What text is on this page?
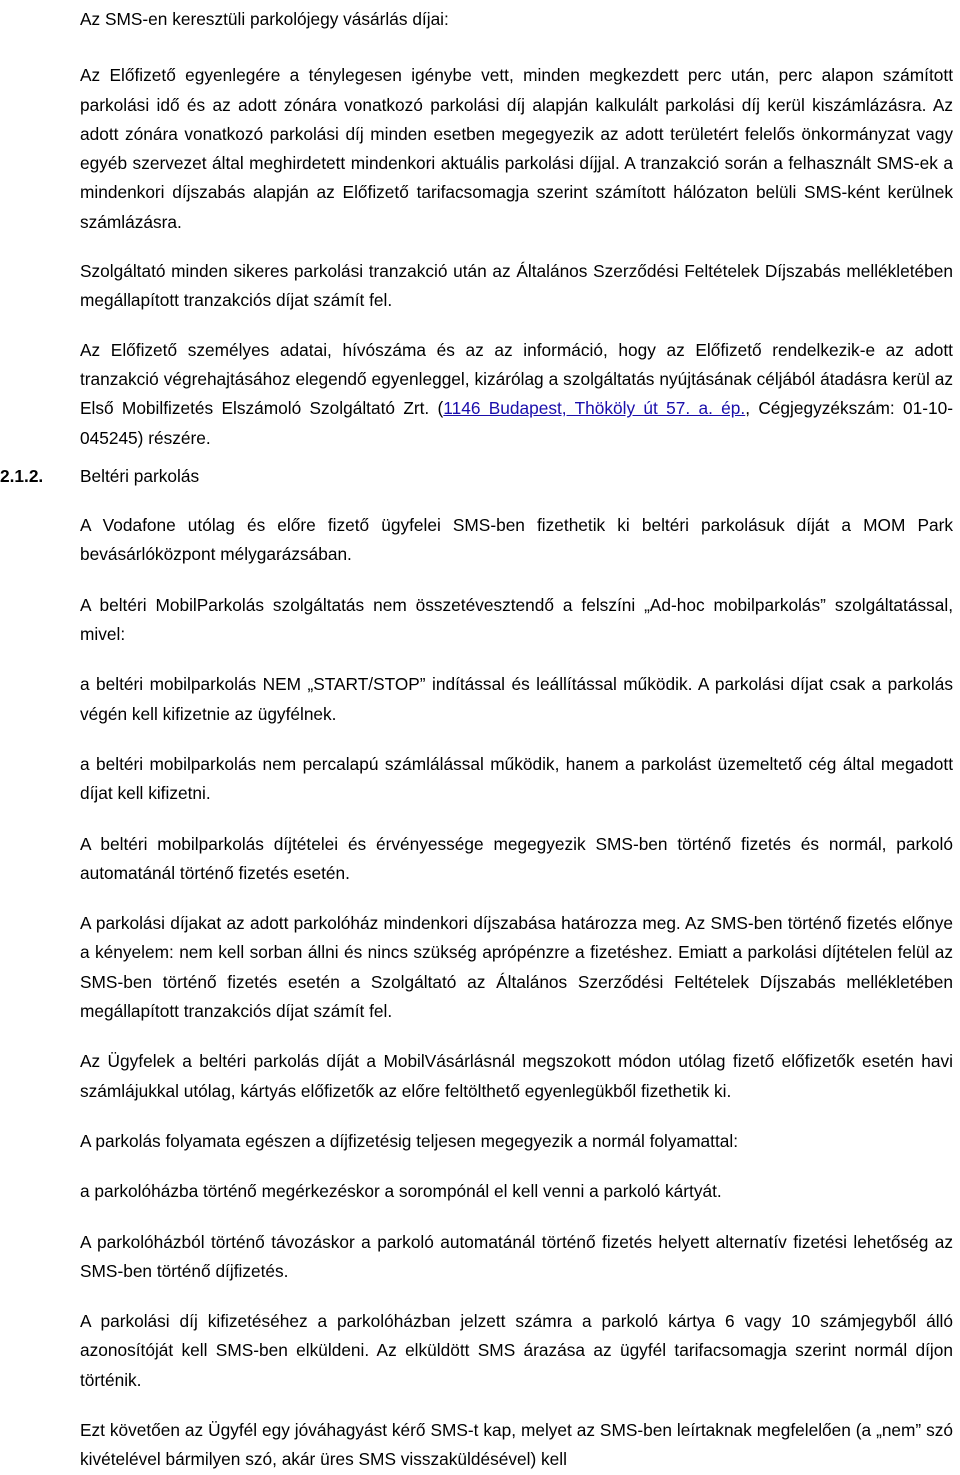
Az SMS-en keresztüli parkolójegy vásárlás díjai:

Az Előfizető egyenlegére a ténylegesen igénybe vett, minden megkezdett perc után, perc alapon számított parkolási idő és az adott zónára vonatkozó parkolási díj alapján kalkulált parkolási díj kerül kiszámlázásra. Az adott zónára vonatkozó parkolási díj minden esetben megegyezik az adott területért felelős önkormányzat vagy egyéb szervezet által meghirdetett mindenkori aktuális parkolási díjjal. A tranzakció során a felhasznált SMS-ek a mindenkori díjszabás alapján az Előfizető tarifacsomagja szerint számított hálózaton belüli SMS-ként kerülnek számlázásra.

Szolgáltató minden sikeres parkolási tranzakció után az Általános Szerződési Feltételek Díjszabás mellékletében megállapított tranzakciós díjat számít fel.

Az Előfizető személyes adatai, hívószáma és az az információ, hogy az Előfizető rendelkezik-e az adott tranzakció végrehajtásához elegendő egyenleggel, kizárólag a szolgáltatás nyújtásának céljából átadásra kerül az Első Mobilfizetés Elszámoló Szolgáltató Zrt. (1146 Budapest, Thököly út 57. a. ép., Cégjegyzékszám: 01-10-045245) részére.

2.1.2. Beltéri parkolás

A Vodafone utólag és előre fizető ügyfelei SMS-ben fizethetik ki beltéri parkolásuk díját a MOM Park bevásárlóközpont mélygarázsában.

A beltéri MobilParkolás szolgáltatás nem összetévesztendő a felszíni „Ad-hoc mobilparkolás” szolgáltatással, mivel:

a beltéri mobilparkolás NEM „START/STOP” indítással és leállítással működik. A parkolási díjat csak a parkolás végén kell kifizetnie az ügyfélnek.

a beltéri mobilparkolás nem percalapú számlálással működik, hanem a parkolást üzemeltető cég által megadott díjat kell kifizetni.

A beltéri mobilparkolás díjtételei és érvényessége megegyezik SMS-ben történő fizetés és normál, parkoló automatánál történő fizetés esetén.

A parkolási díjakat az adott parkolóház mindenkori díjszabása határozza meg. Az SMS-ben történő fizetés előnye a kényelem: nem kell sorban állni és nincs szükség aprópénzre a fizetéshez. Emiatt a parkolási díjtételen felül az SMS-ben történő fizetés esetén a Szolgáltató az Általános Szerződési Feltételek Díjszabás mellékletében megállapított tranzakciós díjat számít fel.

Az Ügyfelek a beltéri parkolás díját a MobilVásárlásnál megszokott módon utólag fizető előfizetők esetén havi számlájukkal utólag, kártyás előfizetők az előre feltölthető egyenlegükből fizethetik ki.

A parkolás folyamata egészen a díjfizetésig teljesen megegyezik a normál folyamattal:

a parkolóházba történő megérkezéskor a sorompónál el kell venni a parkoló kártyát.

A parkolóházból történő távozáskor a parkoló automatánál történő fizetés helyett alternatív fizetési lehetőség az SMS-ben történő díjfizetés.

A parkolási díj kifizetéséhez a parkolóházban jelzett számra a parkoló kártya 6 vagy 10 számjegyből álló azonosítóját kell SMS-ben elküldeni. Az elküldött SMS árazása az ügyfél tarifacsomagja szerint normál díjon történik.

Ezt követően az Ügyfél egy jóváhagyást kérő SMS-t kap, melyet az SMS-ben leírtaknak megfelelően (a „nem” szó kivételével bármilyen szó, akár üres SMS visszaküldésével) kell
